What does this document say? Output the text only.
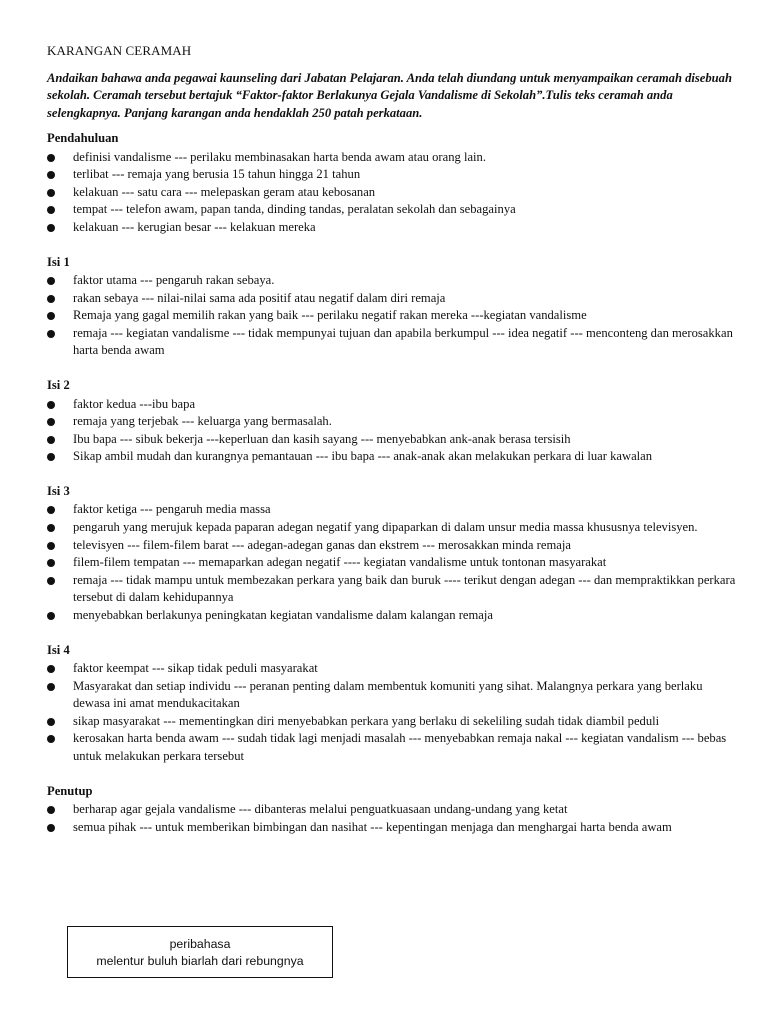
KARANGAN CERAMAH
Andaikan bahawa anda pegawai kaunseling dari Jabatan Pelajaran. Anda telah diundang untuk menyampaikan ceramah disebuah sekolah. Ceramah tersebut bertajuk “Faktor-faktor Berlakunya Gejala Vandalisme di Sekolah”.Tulis teks ceramah anda selengkapnya. Panjang karangan anda hendaklah 250 patah perkataan.
Pendahuluan
definisi vandalisme --- perilaku membinasakan harta benda awam atau orang lain.
terlibat --- remaja yang berusia 15 tahun hingga 21 tahun
kelakuan --- satu cara --- melepaskan geram atau kebosanan
tempat --- telefon awam, papan tanda, dinding tandas, peralatan sekolah dan sebagainya
kelakuan --- kerugian besar --- kelakuan mereka
Isi 1
faktor utama --- pengaruh rakan sebaya.
rakan sebaya --- nilai-nilai sama ada positif atau negatif dalam diri remaja
Remaja yang gagal memilih rakan yang baik --- perilaku negatif rakan mereka ---kegiatan vandalisme
remaja --- kegiatan vandalisme --- tidak mempunyai tujuan dan apabila berkumpul --- idea negatif --- menconteng dan merosakkan harta benda awam
Isi 2
faktor kedua ---ibu bapa
remaja yang terjebak --- keluarga yang bermasalah.
Ibu bapa --- sibuk bekerja ---keperluan dan kasih sayang --- menyebabkan ank-anak berasa tersisih
Sikap ambil mudah dan kurangnya pemantauan --- ibu bapa --- anak-anak akan melakukan perkara di luar kawalan
Isi 3
faktor ketiga --- pengaruh media massa
pengaruh yang merujuk kepada paparan adegan negatif yang dipaparkan di dalam unsur media massa khususnya televisyen.
televisyen --- filem-filem barat --- adegan-adegan ganas dan ekstrem --- merosakkan minda remaja
filem-filem tempatan --- memaparkan adegan negatif ---- kegiatan vandalisme untuk tontonan masyarakat
remaja --- tidak mampu untuk membezakan perkara yang baik dan buruk ---- terikut dengan adegan --- dan mempraktikkan perkara tersebut di dalam kehidupannya
menyebabkan berlakunya peningkatan kegiatan vandalisme dalam kalangan remaja
Isi 4
faktor keempat --- sikap tidak peduli masyarakat
Masyarakat dan setiap individu --- peranan penting dalam membentuk komuniti yang sihat. Malangnya perkara yang berlaku dewasa ini amat mendukacitakan
sikap masyarakat --- mementingkan diri menyebabkan perkara yang berlaku di sekeliling sudah tidak diambil peduli
kerosakan harta benda awam --- sudah tidak lagi menjadi masalah --- menyebabkan remaja nakal --- kegiatan vandalism --- bebas untuk melakukan perkara tersebut
Penutup
berharap agar gejala vandalisme --- dibanteras melalui penguatkuasaan undang-undang yang ketat
semua pihak --- untuk memberikan bimbingan dan nasihat --- kepentingan menjaga dan menghargai harta benda awam
peribahasa
melentur buluh biarlah dari rebungnya
